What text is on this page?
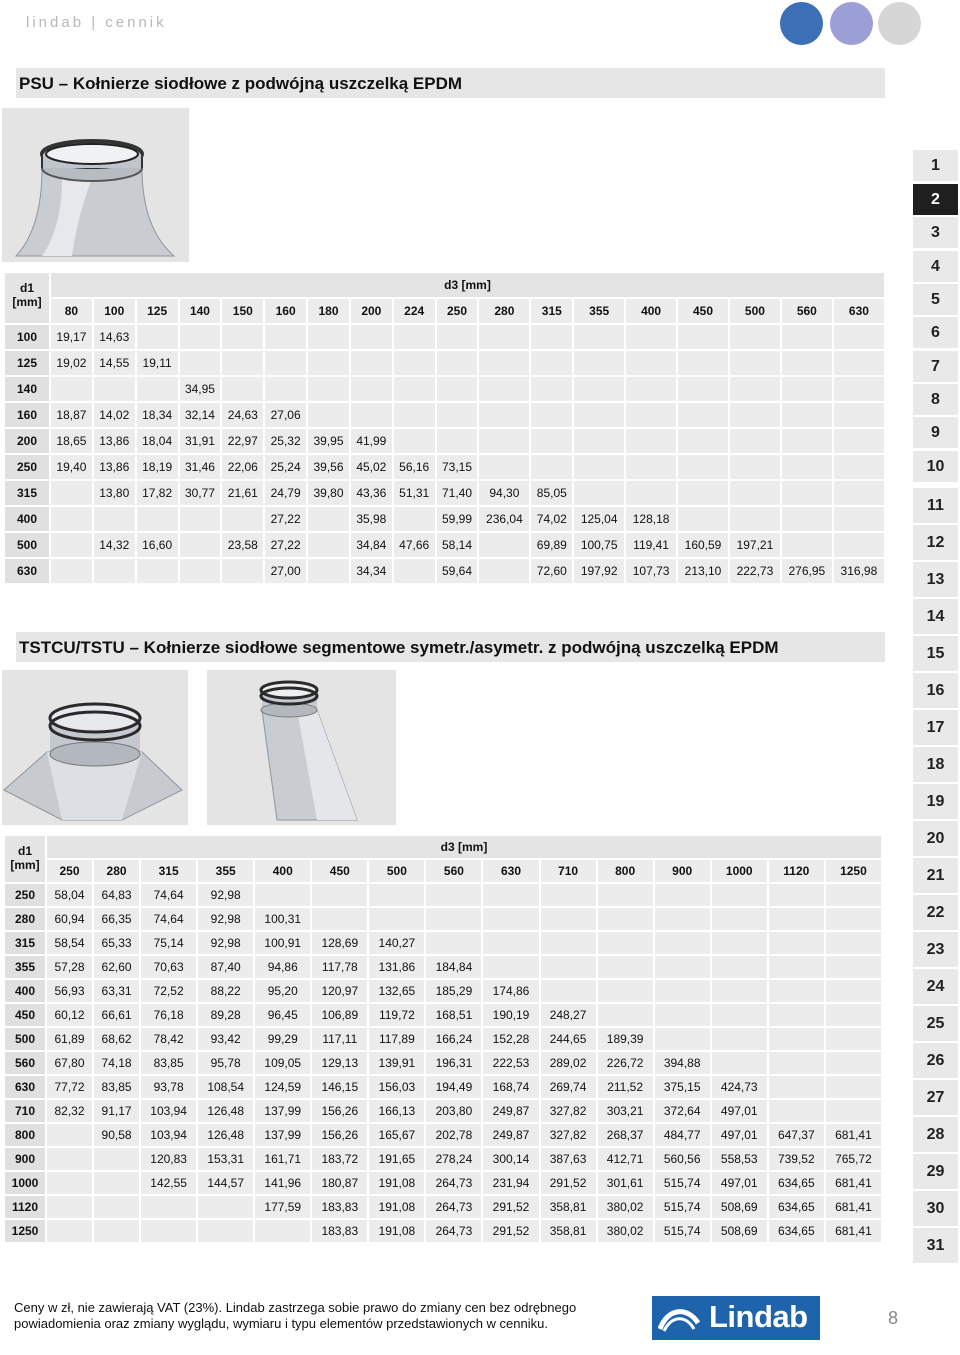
lindab | cennik
PSU – Kołnierze siodłowe z podwójną uszczelką EPDM
d1
[mm]	d3 [mm]																	
	80	100	125	140	150	160	180	200	224	250	280	315	355	400	450	500	560	630
100	19,17	14,63																
125	19,02	14,55	19,11															
140				34,95														
160	18,87	14,02	18,34	32,14	24,63	27,06												
200	18,65	13,86	18,04	31,91	22,97	25,32	39,95	41,99										
250	19,40	13,86	18,19	31,46	22,06	25,24	39,56	45,02	56,16	73,15								
315		13,80	17,82	30,77	21,61	24,79	39,80	43,36	51,31	71,40	94,30	85,05						
400						27,22		35,98		59,99	236,04	74,02	125,04	128,18				
500		14,32	16,60		23,58	27,22		34,84	47,66	58,14		69,89	100,75	119,41	160,59	197,21		
630						27,00		34,34		59,64		72,60	197,92	107,73	213,10	222,73	276,95	316,98
TSTCU/TSTU – Kołnierze siodłowe segmentowe symetr./asymetr. z podwójną uszczelką EPDM
d1
[mm]	d3 [mm]														
	250	280	315	355	400	450	500	560	630	710	800	900	1000	1120	1250
250	58,04	64,83	74,64	92,98											
280	60,94	66,35	74,64	92,98	100,31										
315	58,54	65,33	75,14	92,98	100,91	128,69	140,27								
355	57,28	62,60	70,63	87,40	94,86	117,78	131,86	184,84							
400	56,93	63,31	72,52	88,22	95,20	120,97	132,65	185,29	174,86						
450	60,12	66,61	76,18	89,28	96,45	106,89	119,72	168,51	190,19	248,27					
500	61,89	68,62	78,42	93,42	99,29	117,11	117,89	166,24	152,28	244,65	189,39				
560	67,80	74,18	83,85	95,78	109,05	129,13	139,91	196,31	222,53	289,02	226,72	394,88			
630	77,72	83,85	93,78	108,54	124,59	146,15	156,03	194,49	168,74	269,74	211,52	375,15	424,73		
710	82,32	91,17	103,94	126,48	137,99	156,26	166,13	203,80	249,87	327,82	303,21	372,64	497,01		
800		90,58	103,94	126,48	137,99	156,26	165,67	202,78	249,87	327,82	268,37	484,77	497,01	647,37	681,41
900			120,83	153,31	161,71	183,72	191,65	278,24	300,14	387,63	412,71	560,56	558,53	739,52	765,72
1000			142,55	144,57	141,96	180,87	191,08	264,73	231,94	291,52	301,61	515,74	497,01	634,65	681,41
1120					177,59	183,83	191,08	264,73	291,52	358,81	380,02	515,74	508,69	634,65	681,41
1250						183,83	191,08	264,73	291,52	358,81	380,02	515,74	508,69	634,65	681,41
1
2
3
4
5
6
7
8
9
10
11
12
13
14
15
16
17
18
19
20
21
22
23
24
25
26
27
28
29
30
31
Ceny w zł, nie zawierają VAT (23%). Lindab zastrzega sobie prawo do zmiany cen bez odrębnego powiadomienia oraz zmiany wyglądu, wymiaru i typu elementów przedstawionych w cenniku.	Lindab	8
